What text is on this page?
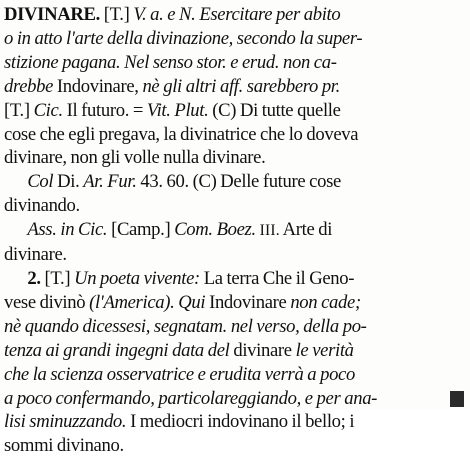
DIVINARE. [T.] V. a. e N. Esercitare per abito

o in atto l'arte della divinazione, secondo la super-

stizione pagana. Nel senso stor. e erud. non ca-

drebbe Indovinare, nè gli altri aff. sarebbero pr.

[T.] Cic. Il futuro. = Vit. Plut. (C) Di tutte quelle

cose che egli pregava, la divinatrice che lo doveva

divinare, non gli volle nulla divinare.

Col Di. Ar. Fur. 43. 60. (C) Delle future cose

divinando.

Ass. in Cic. [Camp.] Com. Boez. III. Arte di

divinare.

2. [T.] Un poeta vivente: La terra Che il Geno-

vese divinò (l'America). Qui Indovinare non cade;

nè quando dicessesi, segnatam. nel verso, della po-

tenza ai grandi ingegni data del divinare le verità

che la scienza osservatrice e erudita verrà a poco

a poco confermando, particolareggiando, e per ana-

lisi sminuzzando. I mediocri indovinano il bello; i

sommi divinano.
